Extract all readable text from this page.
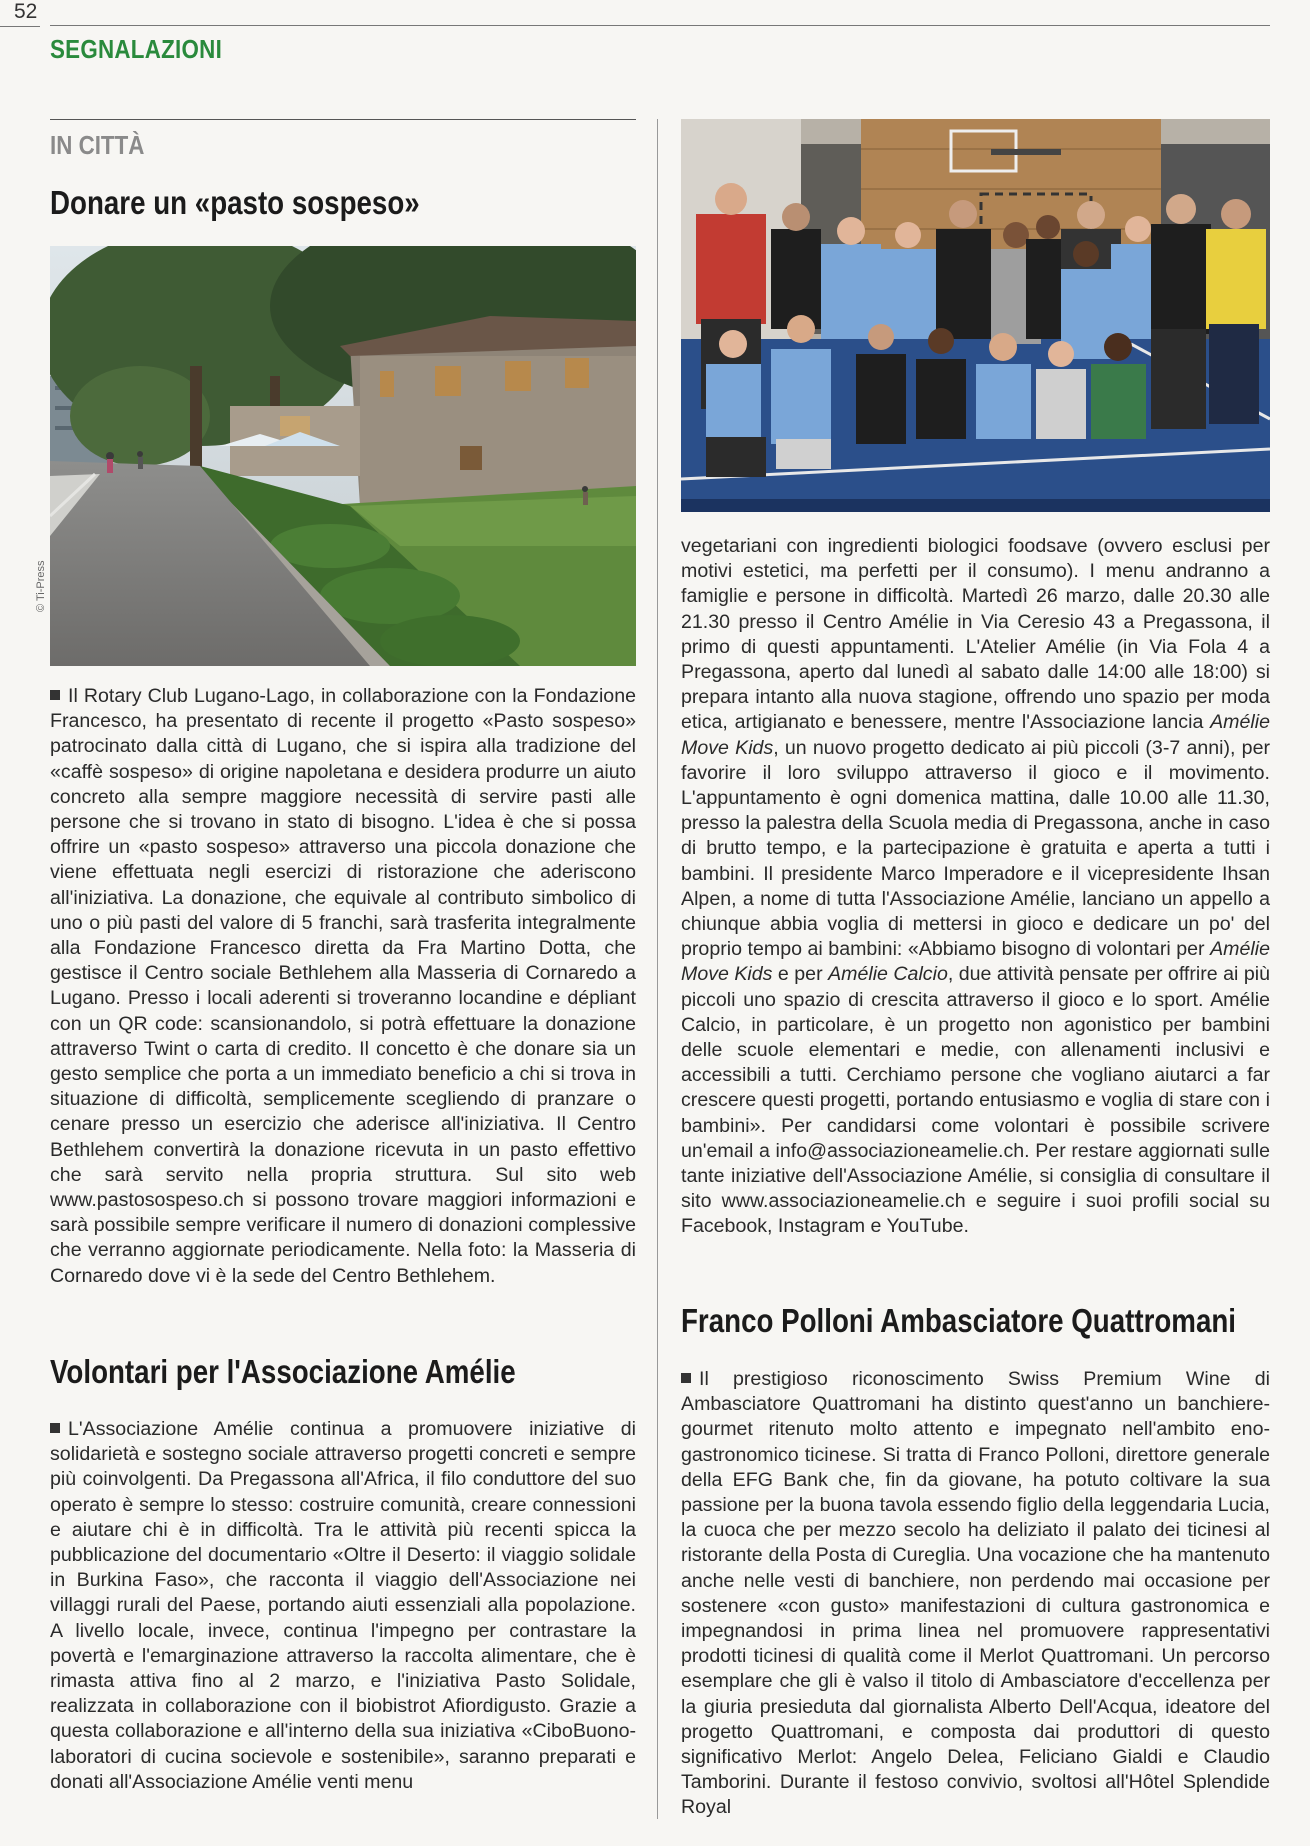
52
SEGNALAZIONI
IN CITTÀ
Donare un «pasto sospeso»
© Ti-Press
Il Rotary Club Lugano-Lago, in collaborazione con la Fondazione Francesco, ha presentato di recente il progetto «Pasto sospeso» patrocinato dalla città di Lugano, che si ispira alla tradizione del «caffè sospeso» di origine napoletana e desidera produrre un aiuto concreto alla sempre maggiore necessità di servire pasti alle persone che si trovano in stato di bisogno. L'idea è che si possa offrire un «pasto sospeso» attraverso una piccola donazione che viene effettuata negli esercizi di ristorazione che aderiscono all'iniziativa. La donazione, che equivale al contributo simbolico di uno o più pasti del valore di 5 franchi, sarà trasferita integralmente alla Fondazione Francesco diretta da Fra Martino Dotta, che gestisce il Centro sociale Bethlehem alla Masseria di Cornaredo a Lugano. Presso i locali aderenti si troveranno locandine e dépliant con un QR code: scansionandolo, si potrà effettuare la donazione attraverso Twint o carta di credito. Il concetto è che donare sia un gesto semplice che porta a un immediato beneficio a chi si trova in situazione di difficoltà, semplicemente scegliendo di pranzare o cenare presso un esercizio che aderisce all'iniziativa. Il Centro Bethlehem convertirà la donazione ricevuta in un pasto effettivo che sarà servito nella propria struttura. Sul sito web www.pastosospeso.ch si possono trovare maggiori informazioni e sarà possibile sempre verificare il numero di donazioni complessive che verranno aggiornate periodicamente. Nella foto: la Masseria di Cornaredo dove vi è la sede del Centro Bethlehem.
Volontari per l'Associazione Amélie
L'Associazione Amélie continua a promuovere iniziative di solidarietà e sostegno sociale attraverso progetti concreti e sempre più coinvolgenti. Da Pregassona all'Africa, il filo conduttore del suo operato è sempre lo stesso: costruire comunità, creare connessioni e aiutare chi è in difficoltà. Tra le attività più recenti spicca la pubblicazione del documentario «Oltre il Deserto: il viaggio solidale in Burkina Faso», che racconta il viaggio dell'Associazione nei villaggi rurali del Paese, portando aiuti essenziali alla popolazione. A livello locale, invece, continua l'impegno per contrastare la povertà e l'emarginazione attraverso la raccolta alimentare, che è rimasta attiva fino al 2 marzo, e l'iniziativa Pasto Solidale, realizzata in collaborazione con il biobistrot Afiordigusto. Grazie a questa collaborazione e all'interno della sua iniziativa «CiboBuono-laboratori di cucina socievole e sostenibile», saranno preparati e donati all'Associazione Amélie venti menu
vegetariani con ingredienti biologici foodsave (ovvero esclusi per motivi estetici, ma perfetti per il consumo). I menu andranno a famiglie e persone in difficoltà. Martedì 26 marzo, dalle 20.30 alle 21.30 presso il Centro Amélie in Via Ceresio 43 a Pregassona, il primo di questi appuntamenti. L'Atelier Amélie (in Via Fola 4 a Pregassona, aperto dal lunedì al sabato dalle 14:00 alle 18:00) si prepara intanto alla nuova stagione, offrendo uno spazio per moda etica, artigianato e benessere, mentre l'Associazione lancia Amélie Move Kids, un nuovo progetto dedicato ai più piccoli (3-7 anni), per favorire il loro sviluppo attraverso il gioco e il movimento. L'appuntamento è ogni domenica mattina, dalle 10.00 alle 11.30, presso la palestra della Scuola media di Pregassona, anche in caso di brutto tempo, e la partecipazione è gratuita e aperta a tutti i bambini. Il presidente Marco Imperadore e il vicepresidente Ihsan Alpen, a nome di tutta l'Associazione Amélie, lanciano un appello a chiunque abbia voglia di mettersi in gioco e dedicare un po' del proprio tempo ai bambini: «Abbiamo bisogno di volontari per Amélie Move Kids e per Amélie Calcio, due attività pensate per offrire ai più piccoli uno spazio di crescita attraverso il gioco e lo sport. Amélie Calcio, in particolare, è un progetto non agonistico per bambini delle scuole elementari e medie, con allenamenti inclusivi e accessibili a tutti. Cerchiamo persone che vogliano aiutarci a far crescere questi progetti, portando entusiasmo e voglia di stare con i bambini». Per candidarsi come volontari è possibile scrivere un'email a info@associazioneamelie.ch. Per restare aggiornati sulle tante iniziative dell'Associazione Amélie, si consiglia di consultare il sito www.associazioneamelie.ch e seguire i suoi profili social su Facebook, Instagram e YouTube.
Franco Polloni Ambasciatore Quattromani
Il prestigioso riconoscimento Swiss Premium Wine di Ambasciatore Quattromani ha distinto quest'anno un banchiere-gourmet ritenuto molto attento e impegnato nell'ambito eno-gastronomico ticinese. Si tratta di Franco Polloni, direttore generale della EFG Bank che, fin da giovane, ha potuto coltivare la sua passione per la buona tavola essendo figlio della leggendaria Lucia, la cuoca che per mezzo secolo ha deliziato il palato dei ticinesi al ristorante della Posta di Cureglia. Una vocazione che ha mantenuto anche nelle vesti di banchiere, non perdendo mai occasione per sostenere «con gusto» manifestazioni di cultura gastronomica e impegnandosi in prima linea nel promuovere rappresentativi prodotti ticinesi di qualità come il Merlot Quattromani. Un percorso esemplare che gli è valso il titolo di Ambasciatore d'eccellenza per la giuria presieduta dal giornalista Alberto Dell'Acqua, ideatore del progetto Quattromani, e composta dai produttori di questo significativo Merlot: Angelo Delea, Feliciano Gialdi e Claudio Tamborini. Durante il festoso convivio, svoltosi all'Hôtel Splendide Royal
